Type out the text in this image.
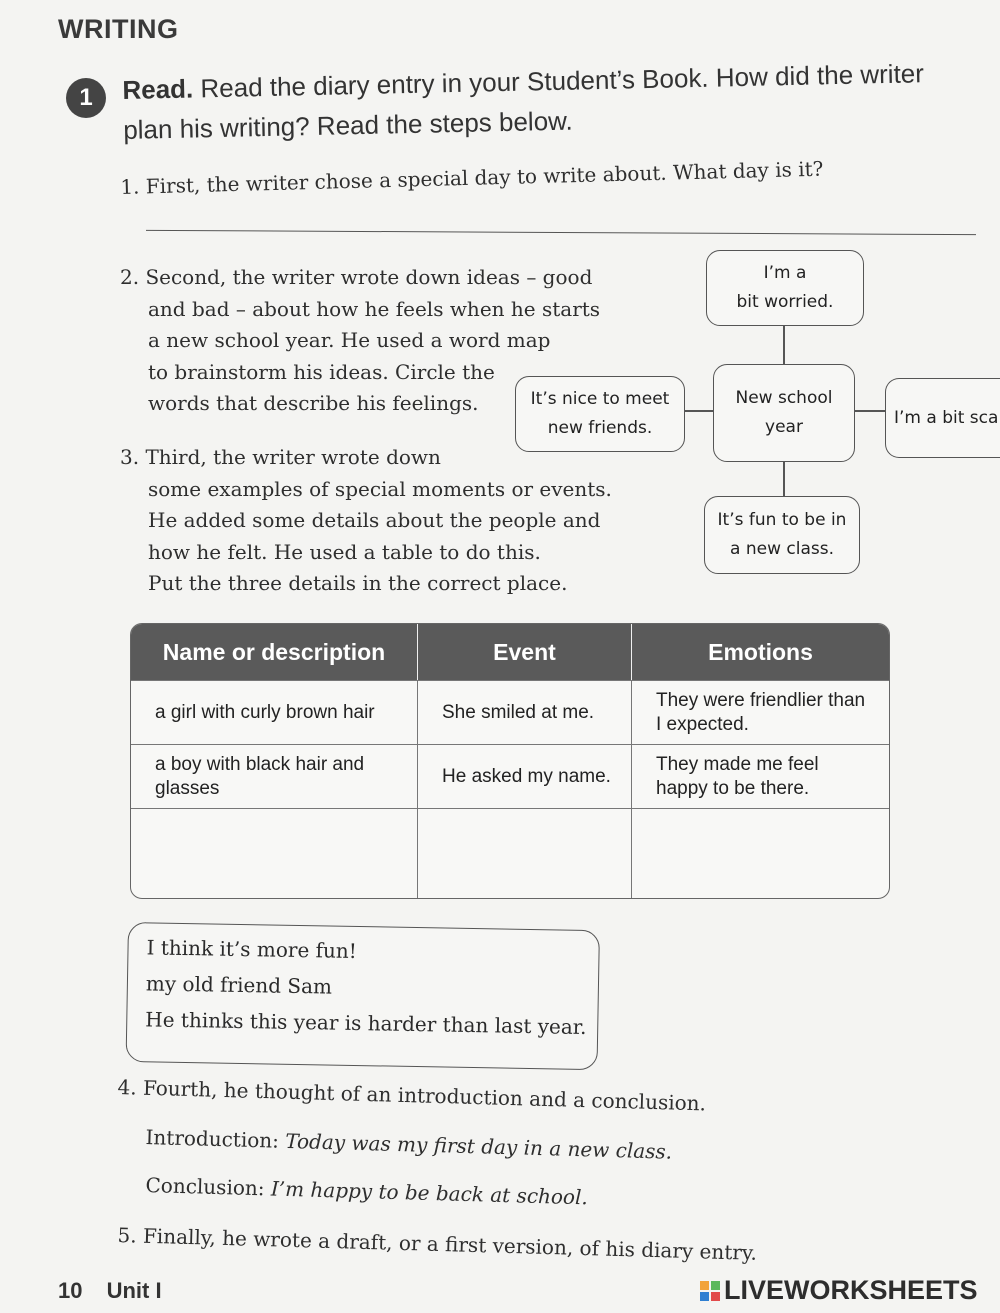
WRITING
1	Read. Read the diary entry in your Student’s Book. How did the writer plan his writing? Read the steps below.
1. First, the writer chose a special day to write about. What day is it?
2. Second, the writer wrote down ideas – good
and bad – about how he feels when he starts
a new school year. He used a word map
to brainstorm his ideas. Circle the
words that describe his feelings.
3. Third, the writer wrote down
some examples of special moments or events.
He added some details about the people and
how he felt. He used a table to do this.
Put the three details in the correct place.
I’m a
bit worried.
New school
year
It’s nice to meet
new friends.
I’m a bit sca
It’s fun to be in
a new class.
Name or description	Event	Emotions
a girl with curly brown hair	She smiled at me.	They were friendlier than I expected.
a boy with black hair and glasses	He asked my name.	They made me feel happy to be there.

I think it’s more fun!
my old friend Sam
He thinks this year is harder than last year.
4. Fourth, he thought of an introduction and a conclusion.
Introduction: Today was my first day in a new class.
Conclusion: I’m happy to be back at school.
5. Finally, he wrote a draft, or a first version, of his diary entry.
10 Unit I	LIVEWORKSHEETS
